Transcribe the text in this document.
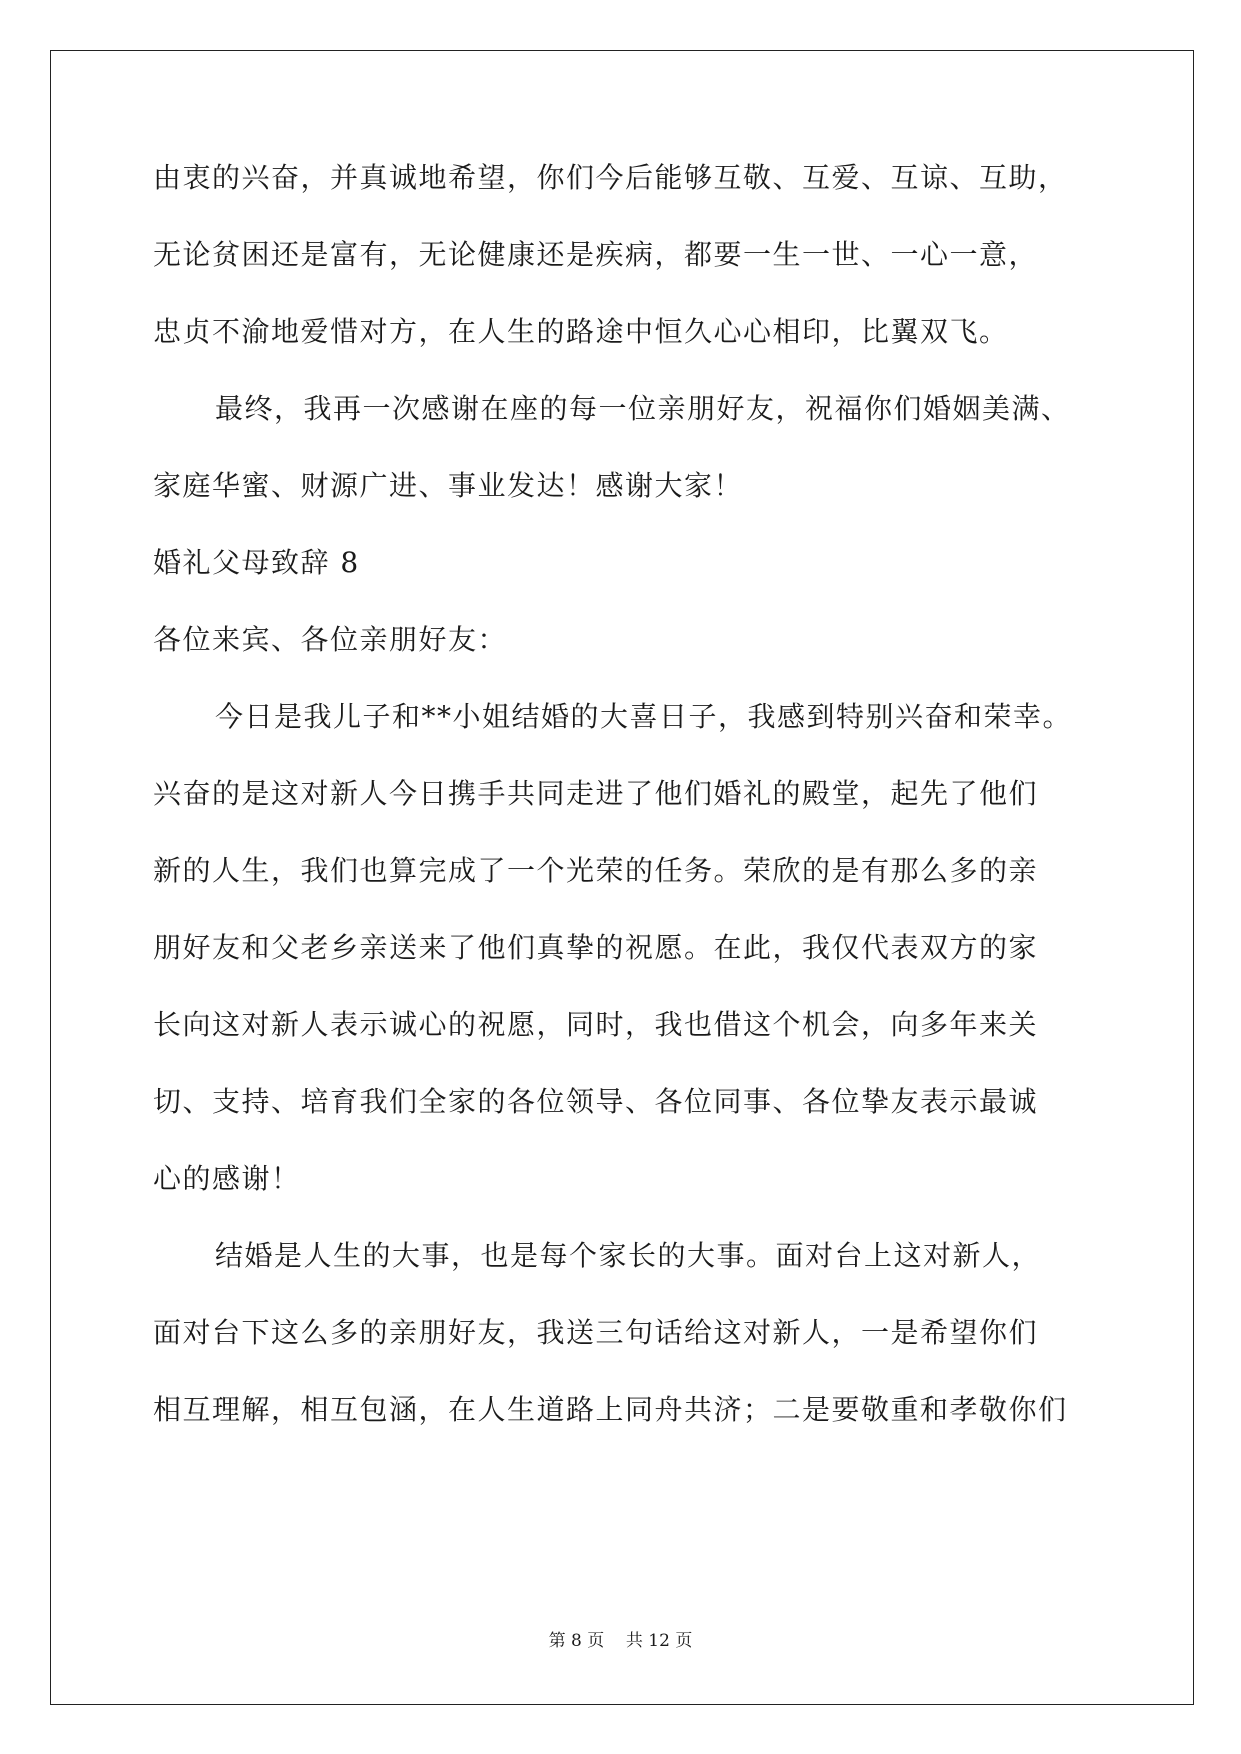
由衷的兴奋，并真诚地希望，你们今后能够互敬、互爱、互谅、互助，
无论贫困还是富有，无论健康还是疾病，都要一生一世、一心一意，
忠贞不渝地爱惜对方，在人生的路途中恒久心心相印，比翼双飞。
最终，我再一次感谢在座的每一位亲朋好友，祝福你们婚姻美满、
家庭华蜜、财源广进、事业发达！感谢大家！
婚礼父母致辞 8
各位来宾、各位亲朋好友：
今日是我儿子和**小姐结婚的大喜日子，我感到特别兴奋和荣幸。
兴奋的是这对新人今日携手共同走进了他们婚礼的殿堂，起先了他们
新的人生，我们也算完成了一个光荣的任务。荣欣的是有那么多的亲
朋好友和父老乡亲送来了他们真挚的祝愿。在此，我仅代表双方的家
长向这对新人表示诚心的祝愿，同时，我也借这个机会，向多年来关
切、支持、培育我们全家的各位领导、各位同事、各位挚友表示最诚
心的感谢！
结婚是人生的大事，也是每个家长的大事。面对台上这对新人，
面对台下这么多的亲朋好友，我送三句话给这对新人，一是希望你们
相互理解，相互包涵，在人生道路上同舟共济；二是要敬重和孝敬你们
第 8 页    共 12 页
